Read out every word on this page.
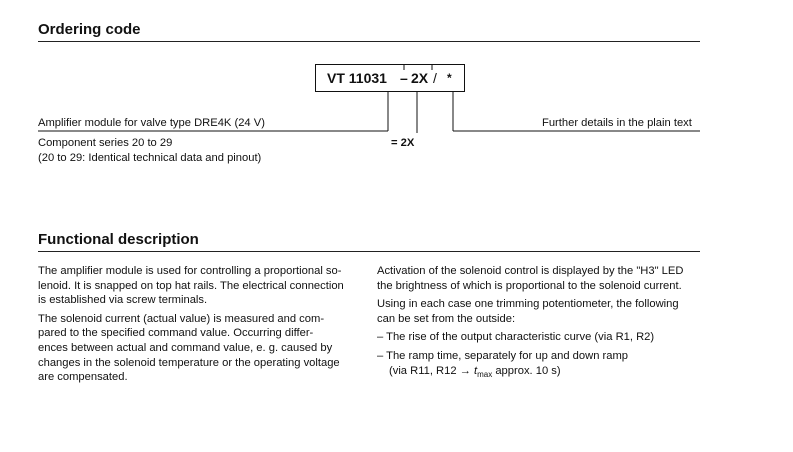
Ordering code
VT 11031 – 2X / *
Amplifier module for valve type DRE4K (24 V)
Component series 20 to 29
(20 to 29: Identical technical data and pinout)
= 2X
Further details in the plain text
Functional description

The amplifier module is used for controlling a proportional so-
lenoid. It is snapped on top hat rails. The electrical connection
is established via screw terminals.

The solenoid current (actual value) is measured and com-
pared to the specified command value. Occurring differ-
ences between actual and command value, e. g. caused by
changes in the solenoid temperature or the operating voltage
are compensated.

Activation of the solenoid control is displayed by the "H3" LED
the brightness of which is proportional to the solenoid current.

Using in each case one trimming potentiometer, the following
can be set from the outside:

– The rise of the output characteristic curve (via R1, R2)

– The ramp time, separately for up and down ramp
(via R11, $R12 \to t_{max}$ approx. 10 s)
